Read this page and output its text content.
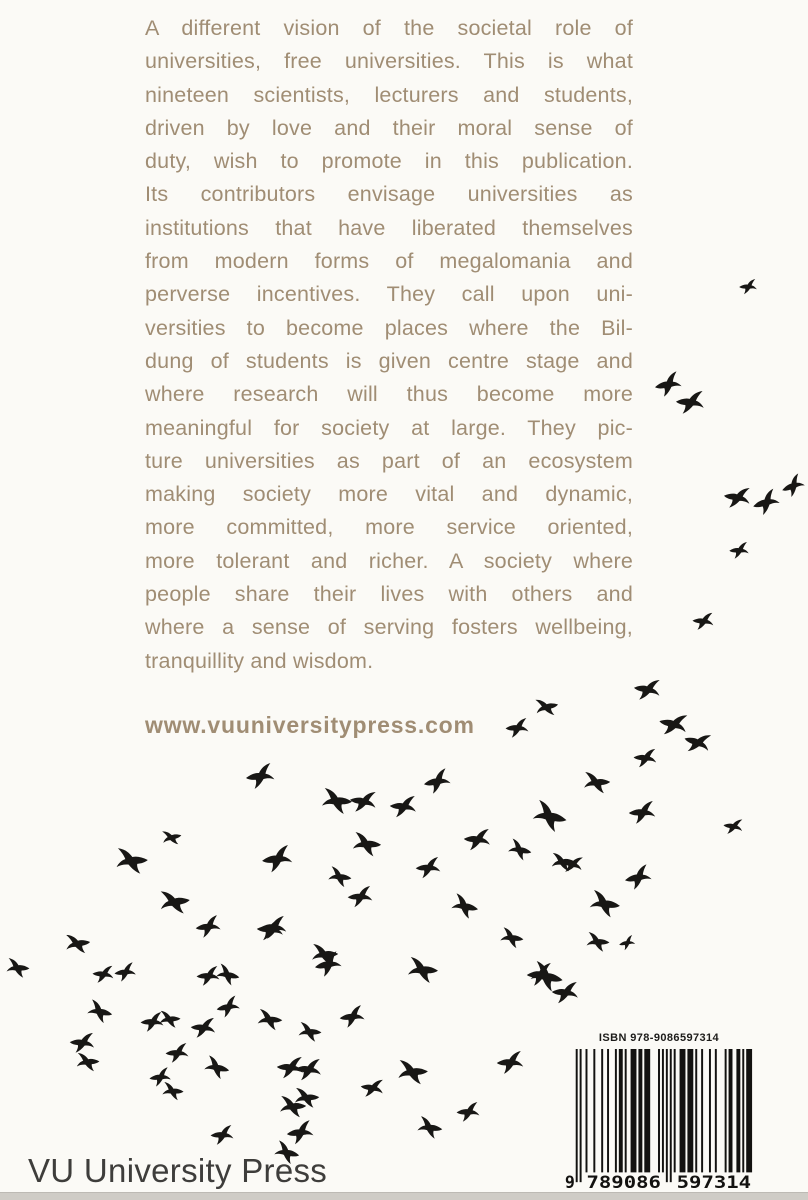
A different vision of the societal role of
universities, free universities. This is what
nineteen scientists, lecturers and students,
driven by love and their moral sense of
duty, wish to promote in this publication.
Its contributors envisage universities as
institutions that have liberated themselves
from modern forms of megalomania and
perverse incentives. They call upon uni-
versities to become places where the Bil-
dung of students is given centre stage and
where research will thus become more
meaningful for society at large. They pic-
ture universities as part of an ecosystem
making society more vital and dynamic,
more committed, more service oriented,
more tolerant and richer. A society where
people share their lives with others and
where a sense of serving fosters wellbeing,
tranquillity and wisdom.
www.vuuniversitypress.com
ISBN 978-9086597314
9 789086 597314
VU University Press
